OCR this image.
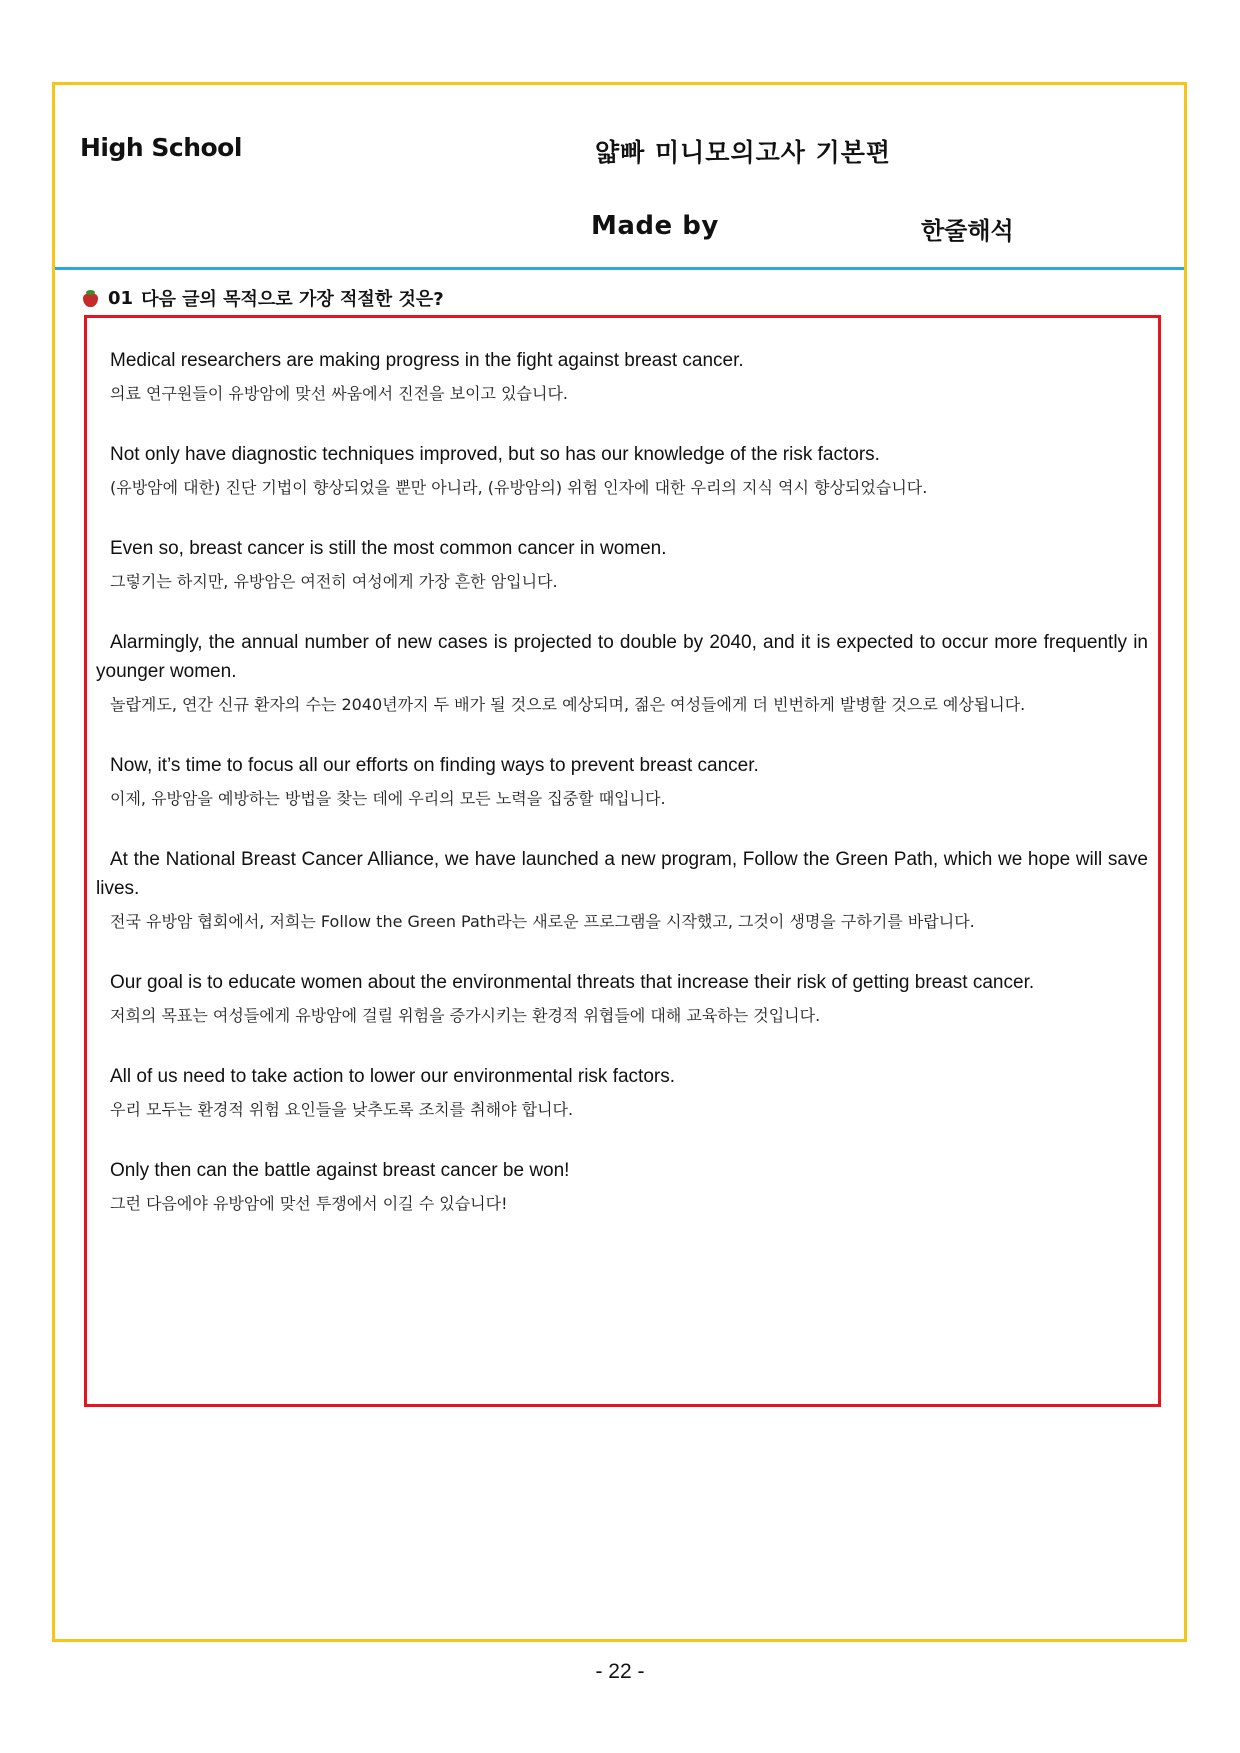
High School	얇빠 미니모의고사 기본편
Made by	한줄해석
01 다음 글의 목적으로 가장 적절한 것은?

Medical researchers are making progress in the fight against breast cancer.

의료 연구원들이 유방암에 맞선 싸움에서 진전을 보이고 있습니다.

Not only have diagnostic techniques improved, but so has our knowledge of the risk factors.

(유방암에 대한) 진단 기법이 향상되었을 뿐만 아니라, (유방암의) 위험 인자에 대한 우리의 지식 역시 향상되었습니다.

Even so, breast cancer is still the most common cancer in women.

그렇기는 하지만, 유방암은 여전히 여성에게 가장 흔한 암입니다.

Alarmingly, the annual number of new cases is projected to double by 2040, and it is expected to occur more frequently in younger women.

놀랍게도, 연간 신규 환자의 수는 2040년까지 두 배가 될 것으로 예상되며, 젊은 여성들에게 더 빈번하게 발병할 것으로 예상됩니다.

Now, it’s time to focus all our efforts on finding ways to prevent breast cancer.

이제, 유방암을 예방하는 방법을 찾는 데에 우리의 모든 노력을 집중할 때입니다.

At the National Breast Cancer Alliance, we have launched a new program, Follow the Green Path, which we hope will save lives.

전국 유방암 협회에서, 저희는 Follow the Green Path라는 새로운 프로그램을 시작했고, 그것이 생명을 구하기를 바랍니다.

Our goal is to educate women about the environmental threats that increase their risk of getting breast cancer.

저희의 목표는 여성들에게 유방암에 걸릴 위험을 증가시키는 환경적 위협들에 대해 교육하는 것입니다.

All of us need to take action to lower our environmental risk factors.

우리 모두는 환경적 위험 요인들을 낮추도록 조치를 취해야 합니다.

Only then can the battle against breast cancer be won!

그런 다음에야 유방암에 맞선 투쟁에서 이길 수 있습니다!

- 22 -
